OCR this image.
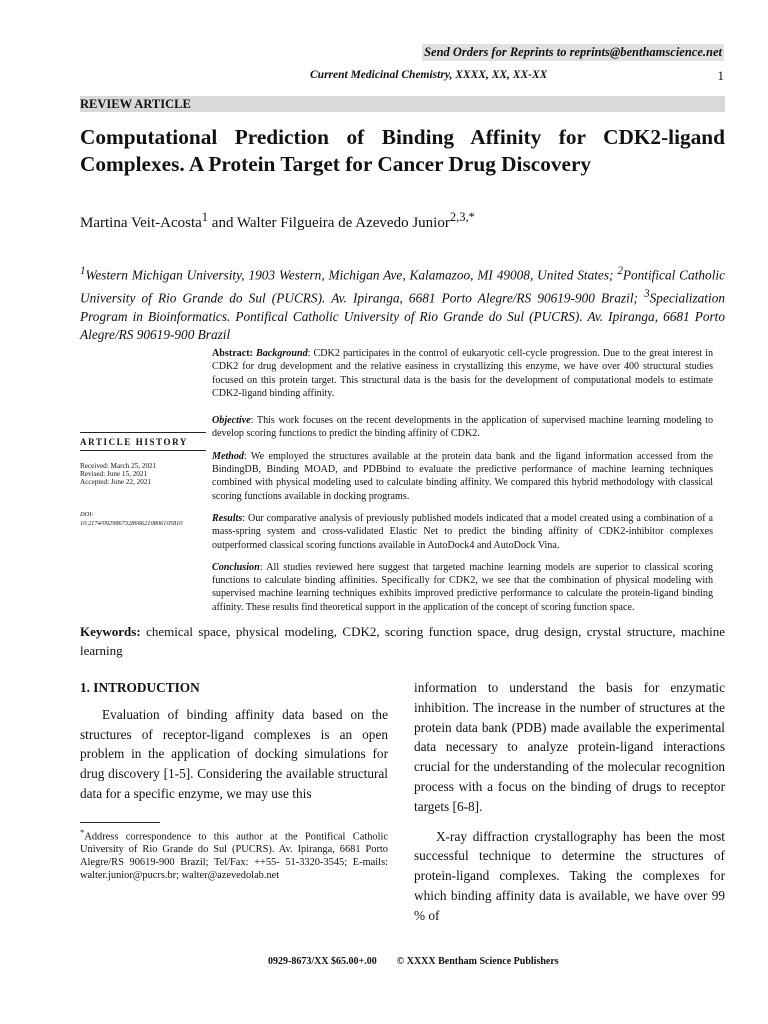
Send Orders for Reprints to reprints@benthamscience.net
Current Medicinal Chemistry, XXXX, XX, XX-XX	1
REVIEW ARTICLE
Computational Prediction of Binding Affinity for CDK2-ligand Complexes. A Protein Target for Cancer Drug Discovery
Martina Veit-Acosta$^1$ and Walter Filgueira de Azevedo Junior$^{2,3,*}$
$^1$Western Michigan University, 1903 Western, Michigan Ave, Kalamazoo, MI 49008, United States; $^2$Pontifical Catholic University of Rio Grande do Sul (PUCRS). Av. Ipiranga, 6681 Porto Alegre/RS 90619-900 Brazil; $^3$Specialization Program in Bioinformatics. Pontifical Catholic University of Rio Grande do Sul (PUCRS). Av. Ipiranga, 6681 Porto Alegre/RS 90619-900 Brazil
ARTICLE HISTORY
Received: March 25, 2021
Revised: June 15, 2021
Accepted: June 22, 2021
DOI:
10.2174/0929867328666210806105810

Abstract: Background: CDK2 participates in the control of eukaryotic cell-cycle progression. Due to the great interest in CDK2 for drug development and the relative easiness in crystallizing this enzyme, we have over 400 structural studies focused on this protein target. This structural data is the basis for the development of computational models to estimate CDK2-ligand binding affinity.

Objective: This work focuses on the recent developments in the application of supervised machine learning modeling to develop scoring functions to predict the binding affinity of CDK2.

Method: We employed the structures available at the protein data bank and the ligand information accessed from the BindingDB, Binding MOAD, and PDBbind to evaluate the predictive performance of machine learning techniques combined with physical modeling used to calculate binding affinity. We compared this hybrid methodology with classical scoring functions available in docking programs.

Results: Our comparative analysis of previously published models indicated that a model created using a combination of a mass-spring system and cross-validated Elastic Net to predict the binding affinity of CDK2-inhibitor complexes outperformed classical scoring functions available in AutoDock4 and AutoDock Vina.

Conclusion: All studies reviewed here suggest that targeted machine learning models are superior to classical scoring functions to calculate binding affinities. Specifically for CDK2, we see that the combination of physical modeling with supervised machine learning techniques exhibits improved predictive performance to calculate the protein-ligand binding affinity. These results find theoretical support in the application of the concept of scoring function space.

Keywords: chemical space, physical modeling, CDK2, scoring function space, drug design, crystal structure, machine learning
1. INTRODUCTION

Evaluation of binding affinity data based on the structures of receptor-ligand complexes is an open problem in the application of docking simulations for drug discovery [1-5]. Considering the available structural data for a specific enzyme, we may use this

*Address correspondence to this author at the Pontifical Catholic University of Rio Grande do Sul (PUCRS). Av. Ipiranga, 6681 Porto Alegre/RS 90619-900 Brazil; Tel/Fax: ++55- 51-3320-3545; E-mails: walter.junior@pucrs.br; walter@azevedolab.net

information to understand the basis for enzymatic inhibition. The increase in the number of structures at the protein data bank (PDB) made available the experimental data necessary to analyze protein-ligand interactions crucial for the understanding of the molecular recognition process with a focus on the binding of drugs to receptor targets [6-8].

X-ray diffraction crystallography has been the most successful technique to determine the structures of protein-ligand complexes. Taking the complexes for which binding affinity data is available, we have over 99 % of

0929-8673/XX $65.00+.00 © XXXX Bentham Science Publishers
